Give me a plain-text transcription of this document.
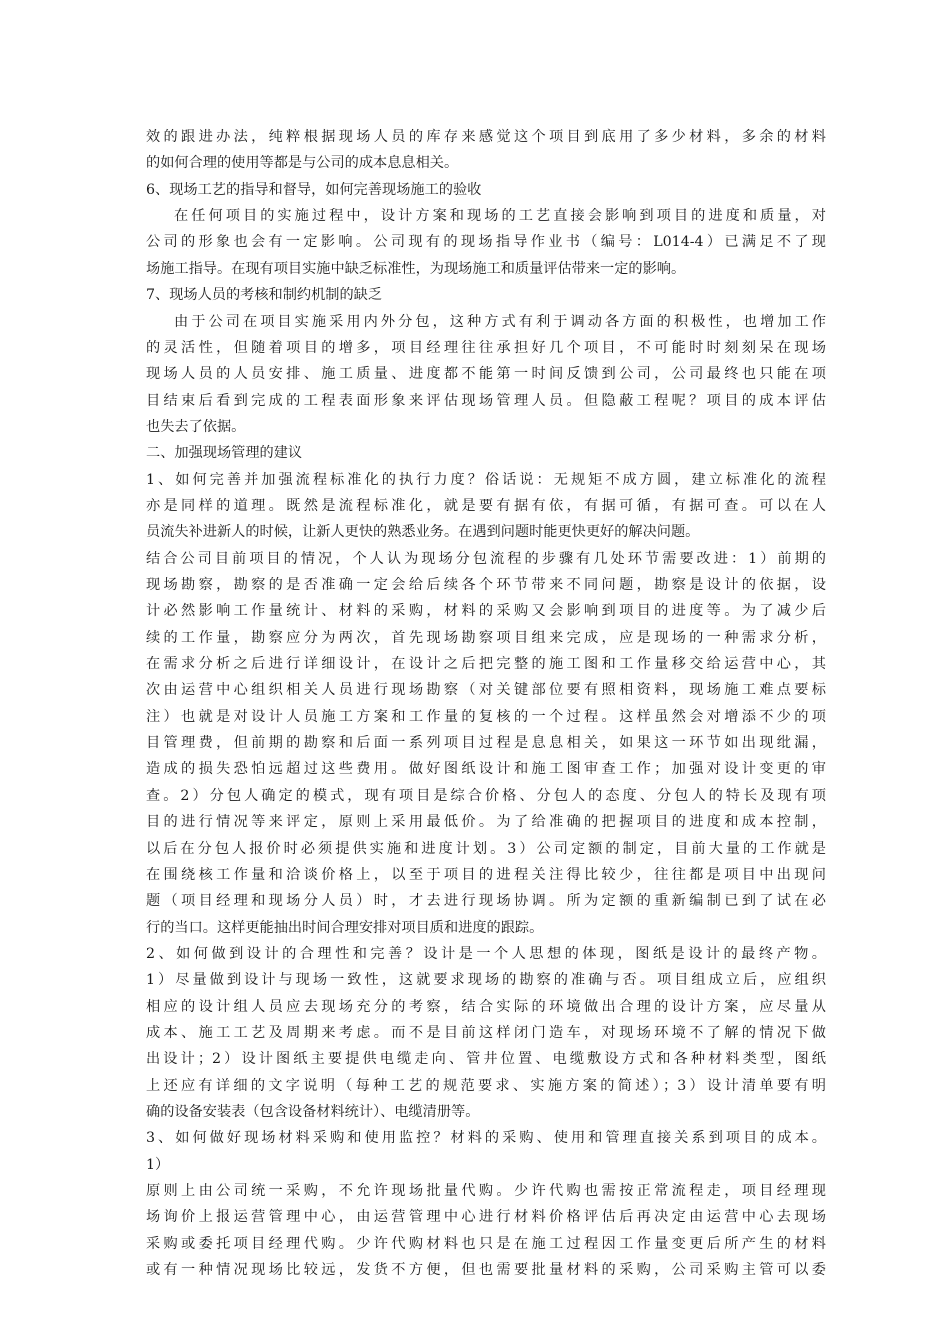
效的跟进办法，纯粹根据现场人员的库存来感觉这个项目到底用了多少材料，多余的材料
的如何合理的使用等都是与公司的成本息息相关。
6、现场工艺的指导和督导，如何完善现场施工的验收
在任何项目的实施过程中，设计方案和现场的工艺直接会影响到项目的进度和质量，对
公司的形象也会有一定影响。公司现有的现场指导作业书（编号：L014-4）已满足不了现
场施工指导。在现有项目实施中缺乏标准性，为现场施工和质量评估带来一定的影响。
7、现场人员的考核和制约机制的缺乏
由于公司在项目实施采用内外分包，这种方式有利于调动各方面的积极性，也增加工作
的灵活性，但随着项目的增多，项目经理往往承担好几个项目，不可能时时刻刻呆在现场
现场人员的人员安排、施工质量、进度都不能第一时间反馈到公司，公司最终也只能在项
目结束后看到完成的工程表面形象来评估现场管理人员。但隐蔽工程呢？项目的成本评估
也失去了依据。
二、加强现场管理的建议
1、如何完善并加强流程标准化的执行力度？俗话说：无规矩不成方圆，建立标准化的流程
亦是同样的道理。既然是流程标准化，就是要有据有依，有据可循，有据可查。可以在人
员流失补进新人的时候，让新人更快的熟悉业务。在遇到问题时能更快更好的解决问题。
结合公司目前项目的情况，个人认为现场分包流程的步骤有几处环节需要改进：1）前期的
现场勘察，勘察的是否准确一定会给后续各个环节带来不同问题，勘察是设计的依据，设
计必然影响工作量统计、材料的采购，材料的采购又会影响到项目的进度等。为了减少后
续的工作量，勘察应分为两次，首先现场勘察项目组来完成，应是现场的一种需求分析，
在需求分析之后进行详细设计，在设计之后把完整的施工图和工作量移交给运营中心，其
次由运营中心组织相关人员进行现场勘察（对关键部位要有照相资料，现场施工难点要标
注）也就是对设计人员施工方案和工作量的复核的一个过程。这样虽然会对增添不少的项
目管理费，但前期的勘察和后面一系列项目过程是息息相关，如果这一环节如出现纰漏，
造成的损失恐怕远超过这些费用。做好图纸设计和施工图审查工作；加强对设计变更的审
查。2）分包人确定的模式，现有项目是综合价格、分包人的态度、分包人的特长及现有项
目的进行情况等来评定，原则上采用最低价。为了给准确的把握项目的进度和成本控制，
以后在分包人报价时必须提供实施和进度计划。3）公司定额的制定，目前大量的工作就是
在围绕核工作量和洽谈价格上，以至于项目的进程关注得比较少，往往都是项目中出现问
题（项目经理和现场分人员）时，才去进行现场协调。所为定额的重新编制已到了试在必
行的当口。这样更能抽出时间合理安排对项目质和进度的跟踪。
2、如何做到设计的合理性和完善？设计是一个人思想的体现，图纸是设计的最终产物。
1）尽量做到设计与现场一致性，这就要求现场的勘察的准确与否。项目组成立后，应组织
相应的设计组人员应去现场充分的考察，结合实际的环境做出合理的设计方案，应尽量从
成本、施工工艺及周期来考虑。而不是目前这样闭门造车，对现场环境不了解的情况下做
出设计；2）设计图纸主要提供电缆走向、管井位置、电缆敷设方式和各种材料类型，图纸
上还应有详细的文字说明（每种工艺的规范要求、实施方案的简述）；3）设计清单要有明
确的设备安装表（包含设备材料统计）、电缆清册等。
3、如何做好现场材料采购和使用监控？材料的采购、使用和管理直接关系到项目的成本。
1）
原则上由公司统一采购，不允许现场批量代购。少许代购也需按正常流程走，项目经理现
场询价上报运营管理中心，由运营管理中心进行材料价格评估后再决定由运营中心去现场
采购或委托项目经理代购。少许代购材料也只是在施工过程因工作量变更后所产生的材料
或有一种情况现场比较远，发货不方便，但也需要批量材料的采购，公司采购主管可以委
